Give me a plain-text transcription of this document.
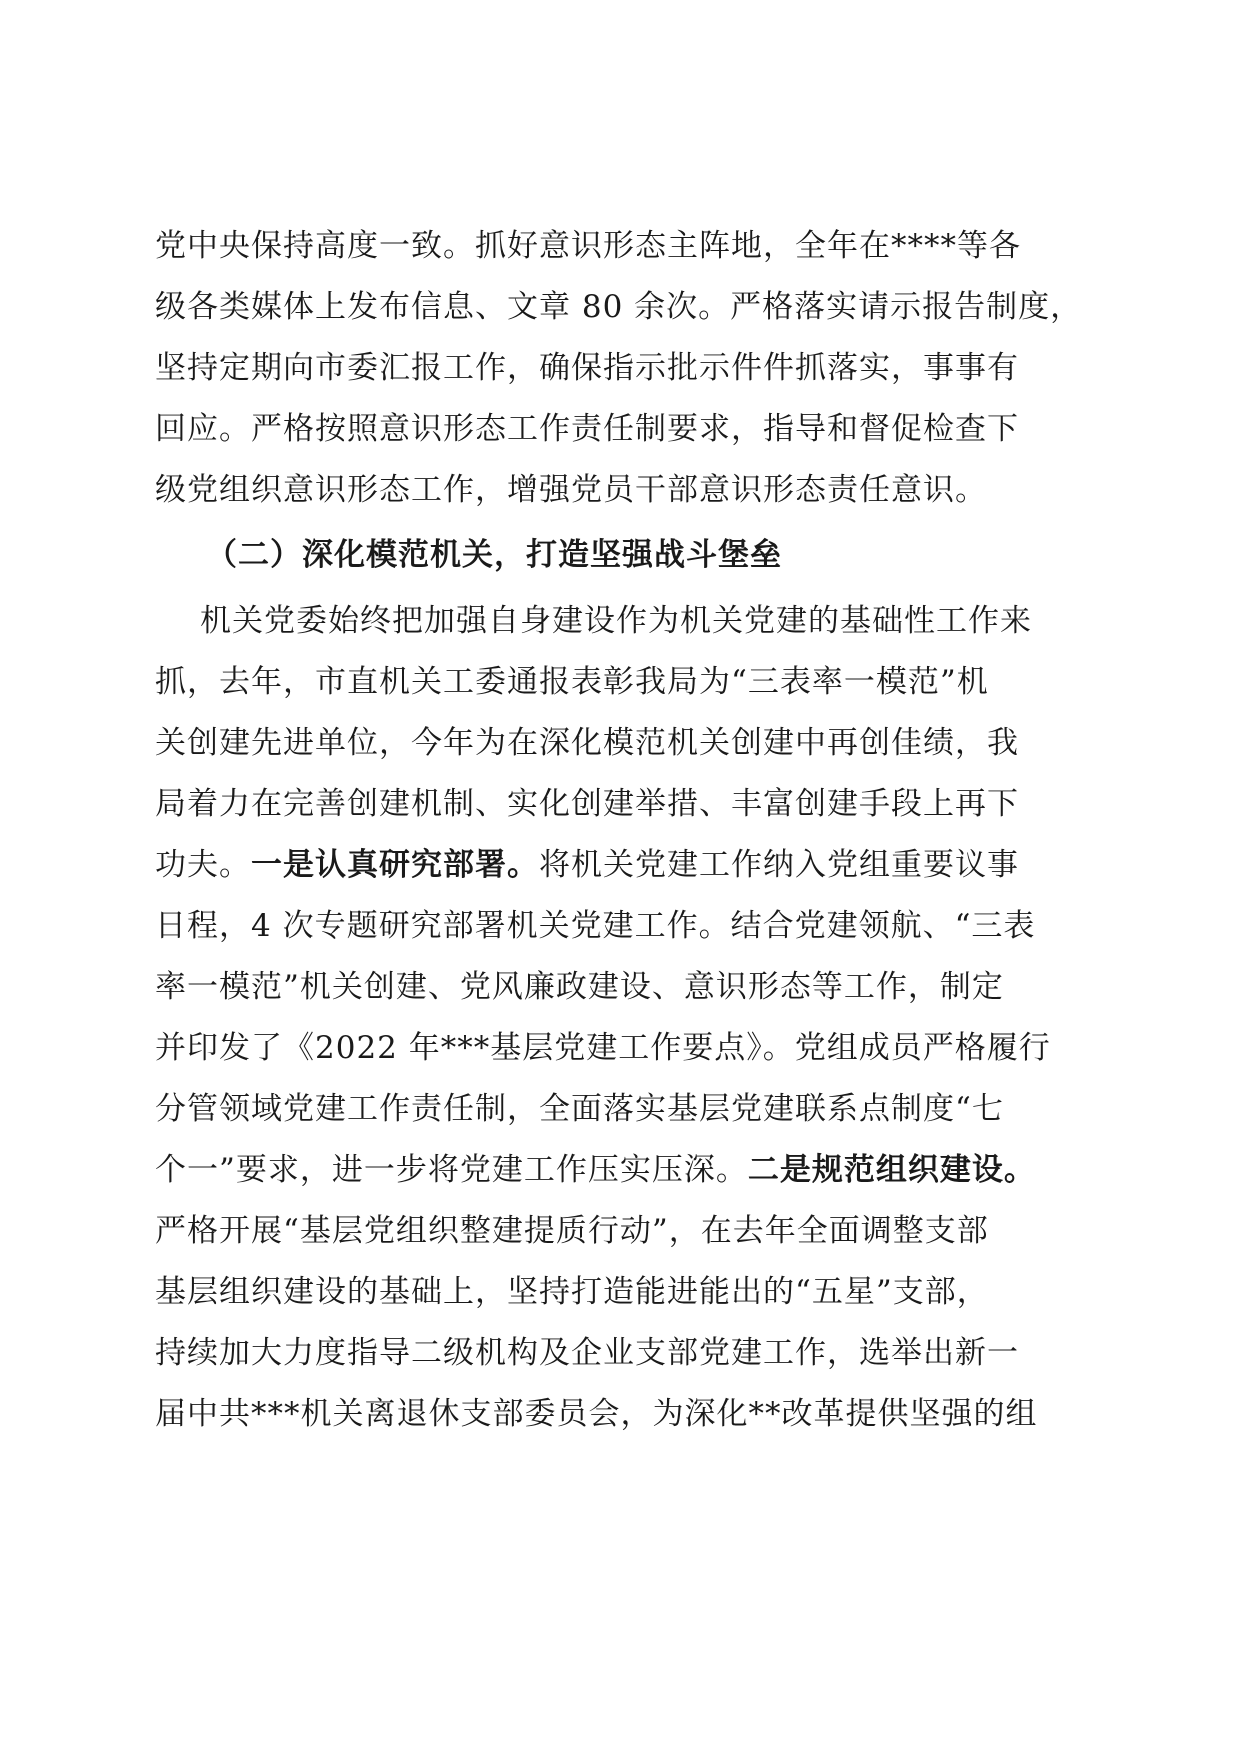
党中央保持高度一致。抓好意识形态主阵地，全年在****等各
级各类媒体上发布信息、文章 80 余次。严格落实请示报告制度，
坚持定期向市委汇报工作，确保指示批示件件抓落实，事事有
回应。严格按照意识形态工作责任制要求，指导和督促检查下
级党组织意识形态工作，增强党员干部意识形态责任意识。
（二）深化模范机关，打造坚强战斗堡垒
机关党委始终把加强自身建设作为机关党建的基础性工作来
抓，去年，市直机关工委通报表彰我局为“三表率一模范”机
关创建先进单位，今年为在深化模范机关创建中再创佳绩，我
局着力在完善创建机制、实化创建举措、丰富创建手段上再下
功夫。一是认真研究部署。将机关党建工作纳入党组重要议事
日程，4 次专题研究部署机关党建工作。结合党建领航、“三表
率一模范”机关创建、党风廉政建设、意识形态等工作，制定
并印发了《2022 年***基层党建工作要点》。党组成员严格履行
分管领域党建工作责任制，全面落实基层党建联系点制度“七
个一”要求，进一步将党建工作压实压深。二是规范组织建设。
严格开展“基层党组织整建提质行动”，在去年全面调整支部
基层组织建设的基础上，坚持打造能进能出的“五星”支部，
持续加大力度指导二级机构及企业支部党建工作，选举出新一
届中共***机关离退休支部委员会，为深化**改革提供坚强的组
